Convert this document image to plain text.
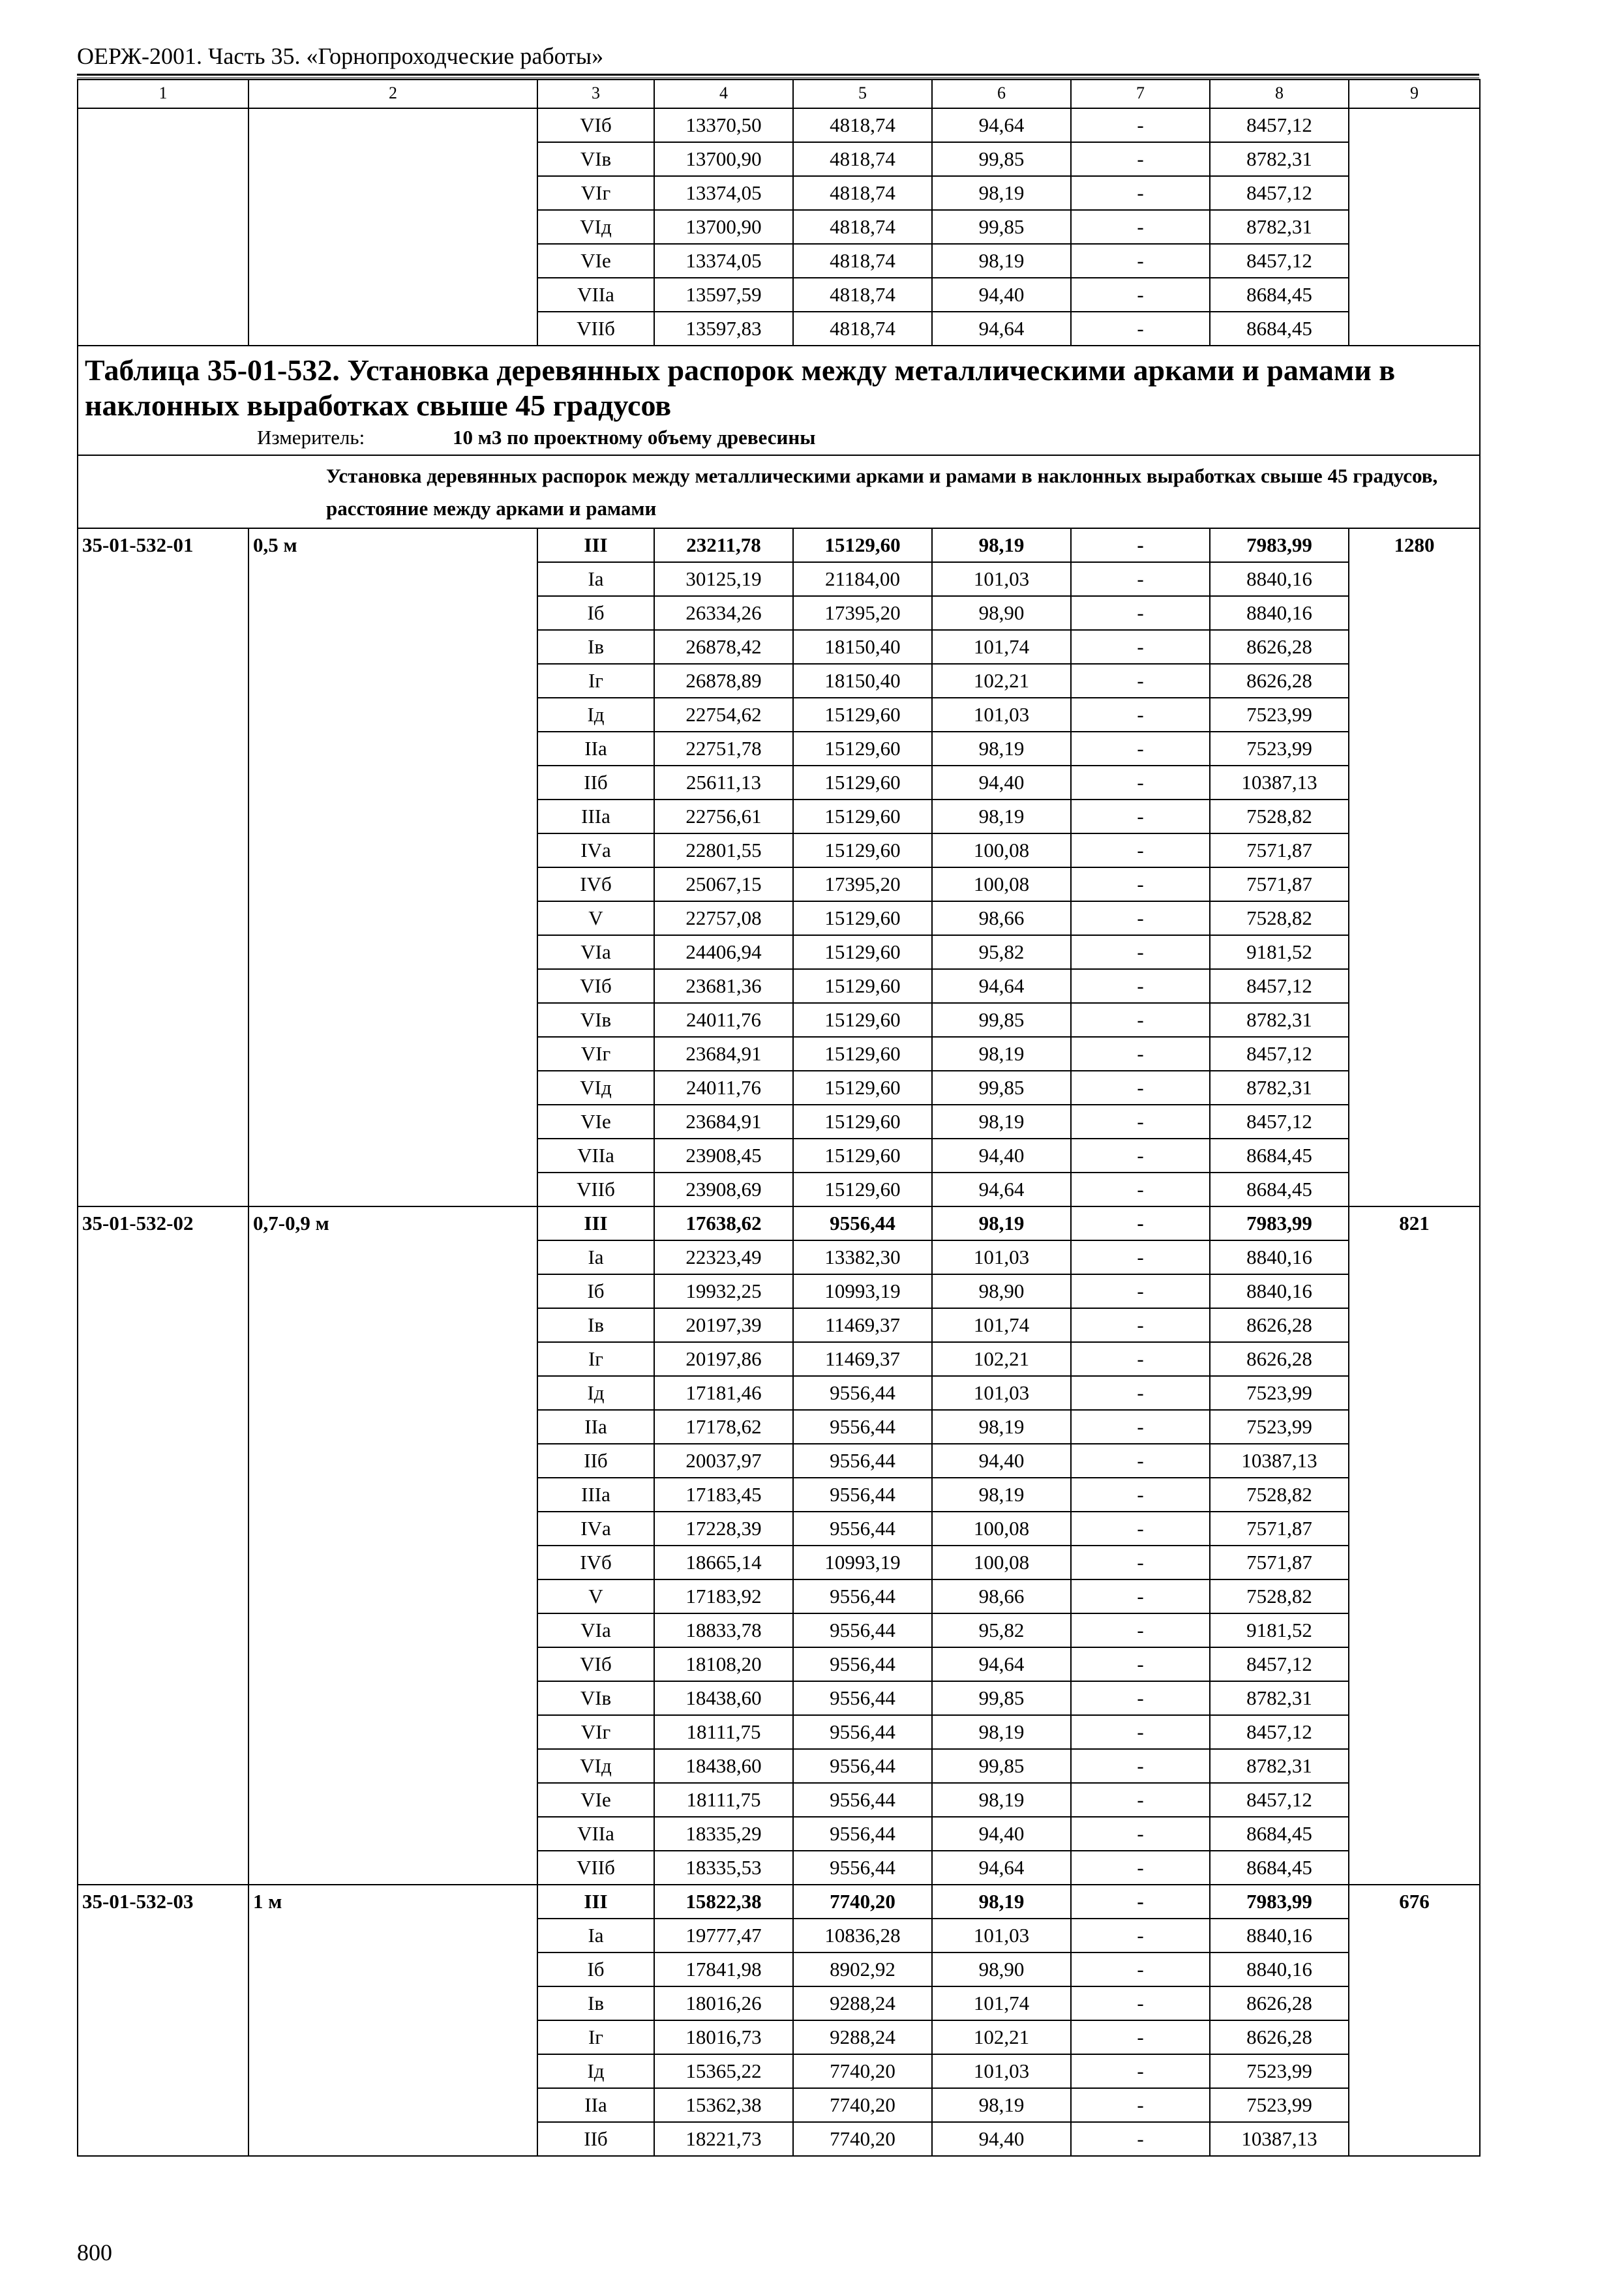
ОЕРЖ-2001. Часть 35. «Горнопроходческие работы»
1	2	3	4	5	6	7	8	9
		VIб	13370,50	4818,74	94,64	-	8457,12	
		VIв	13700,90	4818,74	99,85	-	8782,31	
		VIг	13374,05	4818,74	98,19	-	8457,12	
		VIд	13700,90	4818,74	99,85	-	8782,31	
		VIе	13374,05	4818,74	98,19	-	8457,12	
		VIIа	13597,59	4818,74	94,40	-	8684,45	
		VIIб	13597,83	4818,74	94,64	-	8684,45	

Таблица 35-01-532. Установка деревянных распорок между металлическими арками и рамами в наклонных выработках свыше 45 градусов
Измеритель: 10 м3 по проектному объему древесины								

Установка деревянных распорок между металлическими арками и рамами в наклонных выработках свыше 45 градусов, расстояние между арками и рамами								
35-01-532-01	0,5 м	III	23211,78	15129,60	98,19	-	7983,99	1280
		Iа	30125,19	21184,00	101,03	-	8840,16	
		Iб	26334,26	17395,20	98,90	-	8840,16	
		Iв	26878,42	18150,40	101,74	-	8626,28	
		Iг	26878,89	18150,40	102,21	-	8626,28	
		Iд	22754,62	15129,60	101,03	-	7523,99	
		IIа	22751,78	15129,60	98,19	-	7523,99	
		IIб	25611,13	15129,60	94,40	-	10387,13	
		IIIа	22756,61	15129,60	98,19	-	7528,82	
		IVа	22801,55	15129,60	100,08	-	7571,87	
		IVб	25067,15	17395,20	100,08	-	7571,87	
		V	22757,08	15129,60	98,66	-	7528,82	
		VIа	24406,94	15129,60	95,82	-	9181,52	
		VIб	23681,36	15129,60	94,64	-	8457,12	
		VIв	24011,76	15129,60	99,85	-	8782,31	
		VIг	23684,91	15129,60	98,19	-	8457,12	
		VIд	24011,76	15129,60	99,85	-	8782,31	
		VIе	23684,91	15129,60	98,19	-	8457,12	
		VIIа	23908,45	15129,60	94,40	-	8684,45	
		VIIб	23908,69	15129,60	94,64	-	8684,45	
35-01-532-02	0,7-0,9 м	III	17638,62	9556,44	98,19	-	7983,99	821
		Iа	22323,49	13382,30	101,03	-	8840,16	
		Iб	19932,25	10993,19	98,90	-	8840,16	
		Iв	20197,39	11469,37	101,74	-	8626,28	
		Iг	20197,86	11469,37	102,21	-	8626,28	
		Iд	17181,46	9556,44	101,03	-	7523,99	
		IIа	17178,62	9556,44	98,19	-	7523,99	
		IIб	20037,97	9556,44	94,40	-	10387,13	
		IIIа	17183,45	9556,44	98,19	-	7528,82	
		IVа	17228,39	9556,44	100,08	-	7571,87	
		IVб	18665,14	10993,19	100,08	-	7571,87	
		V	17183,92	9556,44	98,66	-	7528,82	
		VIа	18833,78	9556,44	95,82	-	9181,52	
		VIб	18108,20	9556,44	94,64	-	8457,12	
		VIв	18438,60	9556,44	99,85	-	8782,31	
		VIг	18111,75	9556,44	98,19	-	8457,12	
		VIд	18438,60	9556,44	99,85	-	8782,31	
		VIе	18111,75	9556,44	98,19	-	8457,12	
		VIIа	18335,29	9556,44	94,40	-	8684,45	
		VIIб	18335,53	9556,44	94,64	-	8684,45	
35-01-532-03	1 м	III	15822,38	7740,20	98,19	-	7983,99	676
		Iа	19777,47	10836,28	101,03	-	8840,16	
		Iб	17841,98	8902,92	98,90	-	8840,16	
		Iв	18016,26	9288,24	101,74	-	8626,28	
		Iг	18016,73	9288,24	102,21	-	8626,28	
		Iд	15365,22	7740,20	101,03	-	7523,99	
		IIа	15362,38	7740,20	98,19	-	7523,99	
		IIб	18221,73	7740,20	94,40	-	10387,13	
800
